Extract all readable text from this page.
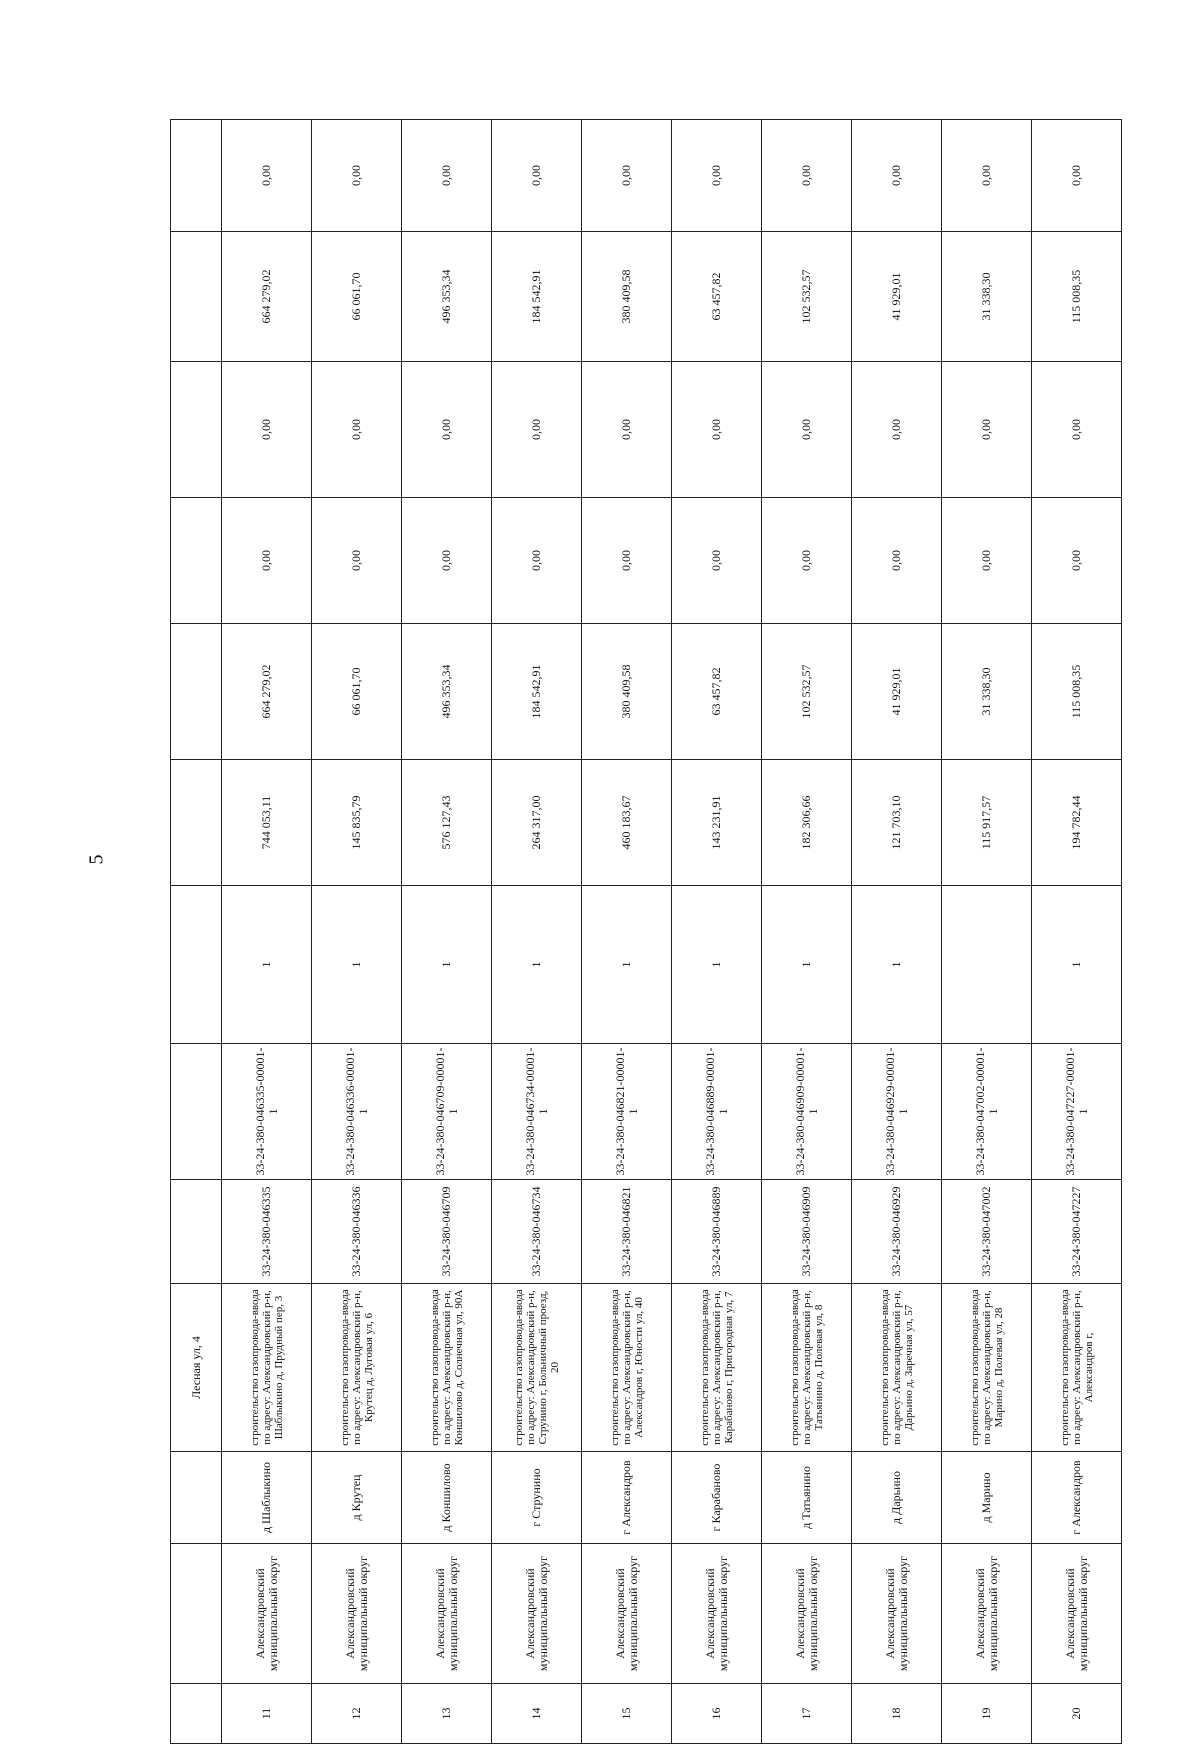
5
			Лесная ул, 4									
11	Александровский муниципальный округ	д Шаблыкино	строительство газопровода-ввода по адресу: Александровский р-н, Шаблыкино д, Прудный пер, 3	33-24-380-046335	33-24-380-046335-00001-1	1	744 053,11	664 279,02	0,00	0,00	664 279,02	0,00
12	Александровский муниципальный округ	д Крутец	строительство газопровода-ввода по адресу: Александровский р-н, Крутец д, Луговая ул, 6	33-24-380-046336	33-24-380-046336-00001-1	1	145 835,79	66 061,70	0,00	0,00	66 061,70	0,00
13	Александровский муниципальный округ	д Коншилово	строительство газопровода-ввода по адресу: Александровский р-н, Коншилово д, Солнечная ул, 90А	33-24-380-046709	33-24-380-046709-00001-1	1	576 127,43	496 353,34	0,00	0,00	496 353,34	0,00
14	Александровский муниципальный округ	г Струнино	строительство газопровода-ввода по адресу: Александровский р-н, Струнино г, Больничный проезд, 20	33-24-380-046734	33-24-380-046734-00001-1	1	264 317,00	184 542,91	0,00	0,00	184 542,91	0,00
15	Александровский муниципальный округ	г Александров	строительство газопровода-ввода по адресу: Александровский р-н, Александров г, Юности ул, 40	33-24-380-046821	33-24-380-046821-00001-1	1	460 183,67	380 409,58	0,00	0,00	380 409,58	0,00
16	Александровский муниципальный округ	г Карабаново	строительство газопровода-ввода по адресу: Александровский р-н, Карабаново г, Пригородная ул, 7	33-24-380-046889	33-24-380-046889-00001-1	1	143 231,91	63 457,82	0,00	0,00	63 457,82	0,00
17	Александровский муниципальный округ	д Татьянино	строительство газопровода-ввода по адресу: Александровский р-н, Татьянино д, Полевая ул, 8	33-24-380-046909	33-24-380-046909-00001-1	1	182 306,66	102 532,57	0,00	0,00	102 532,57	0,00
18	Александровский муниципальный округ	д Дарьино	строительство газопровода-ввода по адресу: Александровский р-н, Дарьино д, Заречная ул, 57	33-24-380-046929	33-24-380-046929-00001-1	1	121 703,10	41 929,01	0,00	0,00	41 929,01	0,00
19	Александровский муниципальный округ	д Марино	строительство газопровода-ввода по адресу: Александровский р-н, Марино д, Полевая ул, 28	33-24-380-047002	33-24-380-047002-00001-1		115 917,57	31 338,30	0,00	0,00	31 338,30	0,00
20	Александровский муниципальный округ	г Александров	строительство газопровода-ввода по адресу: Александровский р-н, Александров г,	33-24-380-047227	33-24-380-047227-00001-1	1	194 782,44	115 008,35	0,00	0,00	115 008,35	0,00
